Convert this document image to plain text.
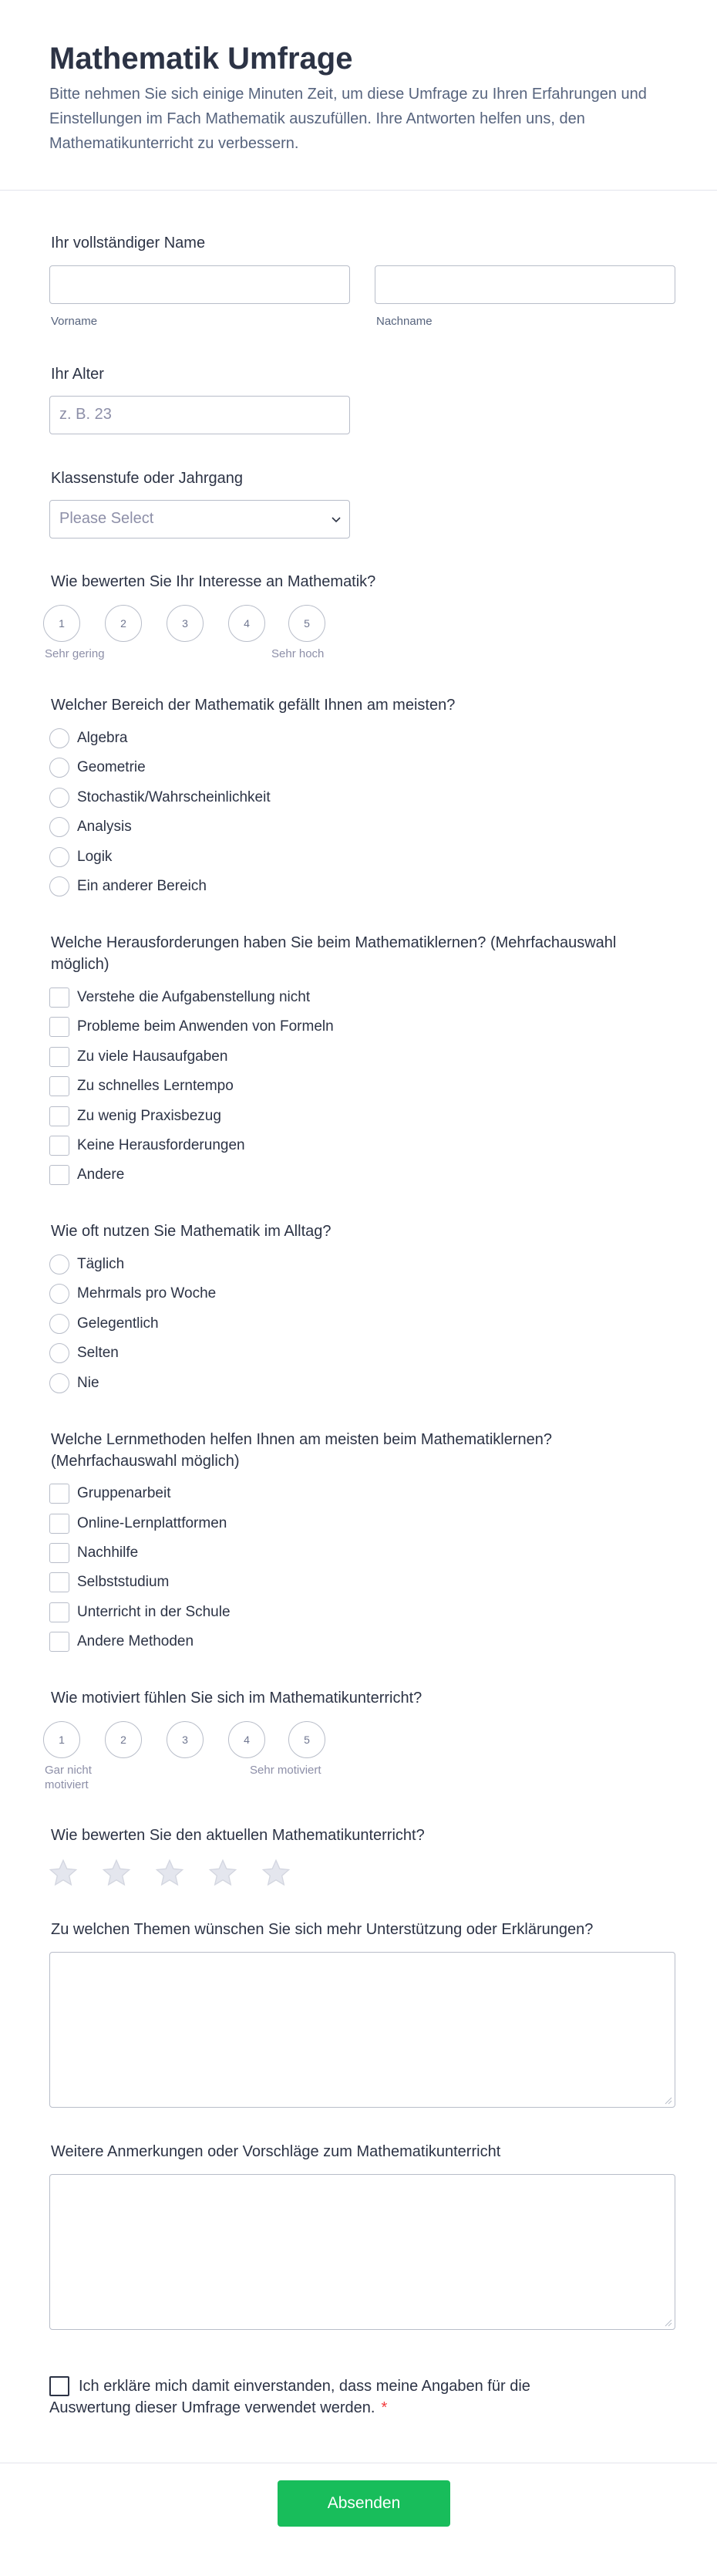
Mathematik Umfrage

Bitte nehmen Sie sich einige Minuten Zeit, um diese Umfrage zu Ihren Erfahrungen und Einstellungen im Fach Mathematik auszufüllen. Ihre Antworten helfen uns, den Mathematikunterricht zu verbessern.

Ihr vollständiger Name
Vorname	Nachname
Ihr Alter
z. B. 23
Klassenstufe oder Jahrgang
Please Select
Wie bewerten Sie Ihr Interesse an Mathematik?
1	2	3	4	5
Sehr gering	Sehr hoch
Welcher Bereich der Mathematik gefällt Ihnen am meisten?
Algebra
Geometrie
Stochastik/Wahrscheinlichkeit
Analysis
Logik
Ein anderer Bereich
Welche Herausforderungen haben Sie beim Mathematiklernen? (Mehrfachauswahl
möglich)
Verstehe die Aufgabenstellung nicht
Probleme beim Anwenden von Formeln
Zu viele Hausaufgaben
Zu schnelles Lerntempo
Zu wenig Praxisbezug
Keine Herausforderungen
Andere
Wie oft nutzen Sie Mathematik im Alltag?
Täglich
Mehrmals pro Woche
Gelegentlich
Selten
Nie
Welche Lernmethoden helfen Ihnen am meisten beim Mathematiklernen?
(Mehrfachauswahl möglich)
Gruppenarbeit
Online-Lernplattformen
Nachhilfe
Selbststudium
Unterricht in der Schule
Andere Methoden
Wie motiviert fühlen Sie sich im Mathematikunterricht?
1	2	3	4	5
Gar nicht
motiviert
Sehr motiviert
Wie bewerten Sie den aktuellen Mathematikunterricht?
Zu welchen Themen wünschen Sie sich mehr Unterstützung oder Erklärungen?
Weitere Anmerkungen oder Vorschläge zum Mathematikunterricht
Ich erkläre mich damit einverstanden, dass meine Angaben für die
Auswertung dieser Umfrage verwendet werden. *
Absenden
